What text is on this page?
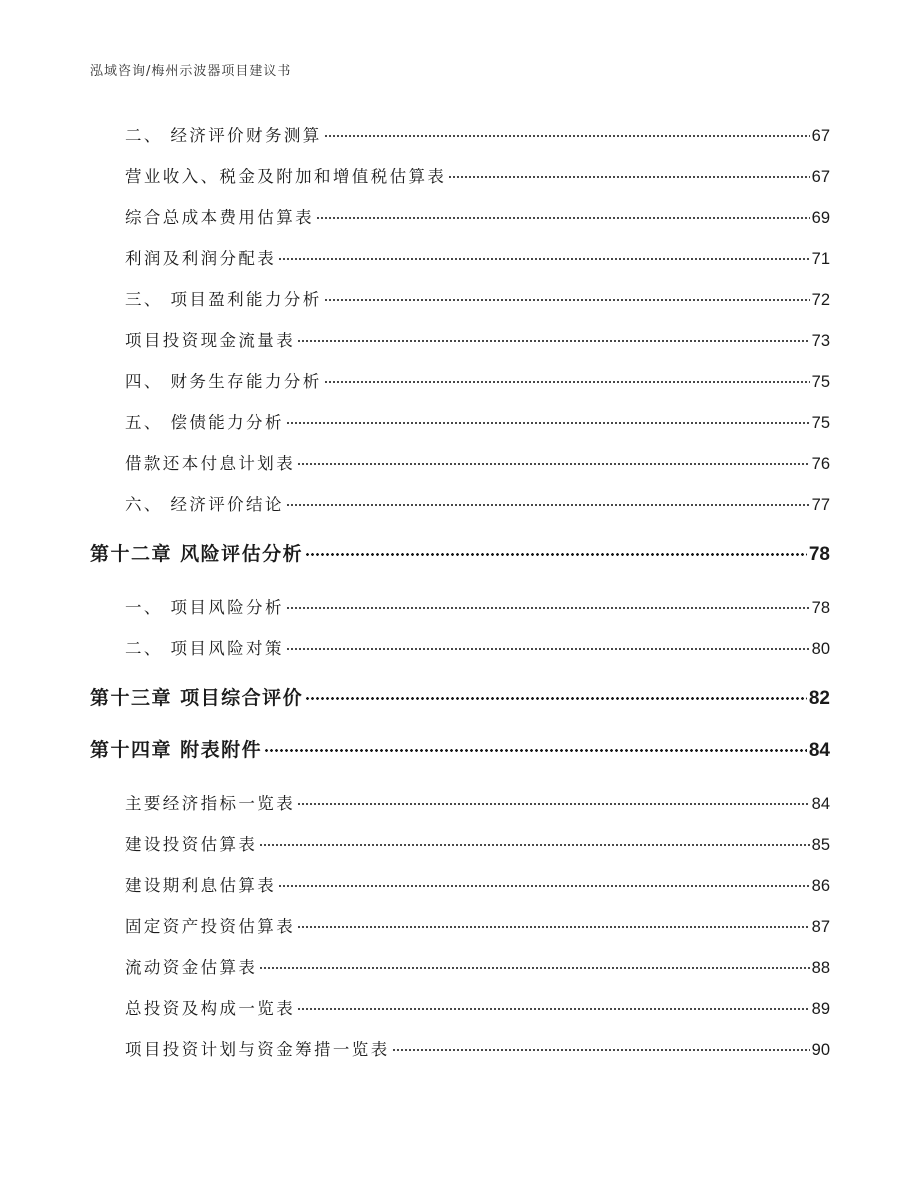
泓域咨询/梅州示波器项目建议书
二、 经济评价财务测算	67
营业收入、税金及附加和增值税估算表	67
综合总成本费用估算表	69
利润及利润分配表	71
三、 项目盈利能力分析	72
项目投资现金流量表	73
四、 财务生存能力分析	75
五、 偿债能力分析	75
借款还本付息计划表	76
六、 经济评价结论	77
第十二章 风险评估分析	78
一、 项目风险分析	78
二、 项目风险对策	80
第十三章 项目综合评价	82
第十四章 附表附件	84
主要经济指标一览表	84
建设投资估算表	85
建设期利息估算表	86
固定资产投资估算表	87
流动资金估算表	88
总投资及构成一览表	89
项目投资计划与资金筹措一览表	90
